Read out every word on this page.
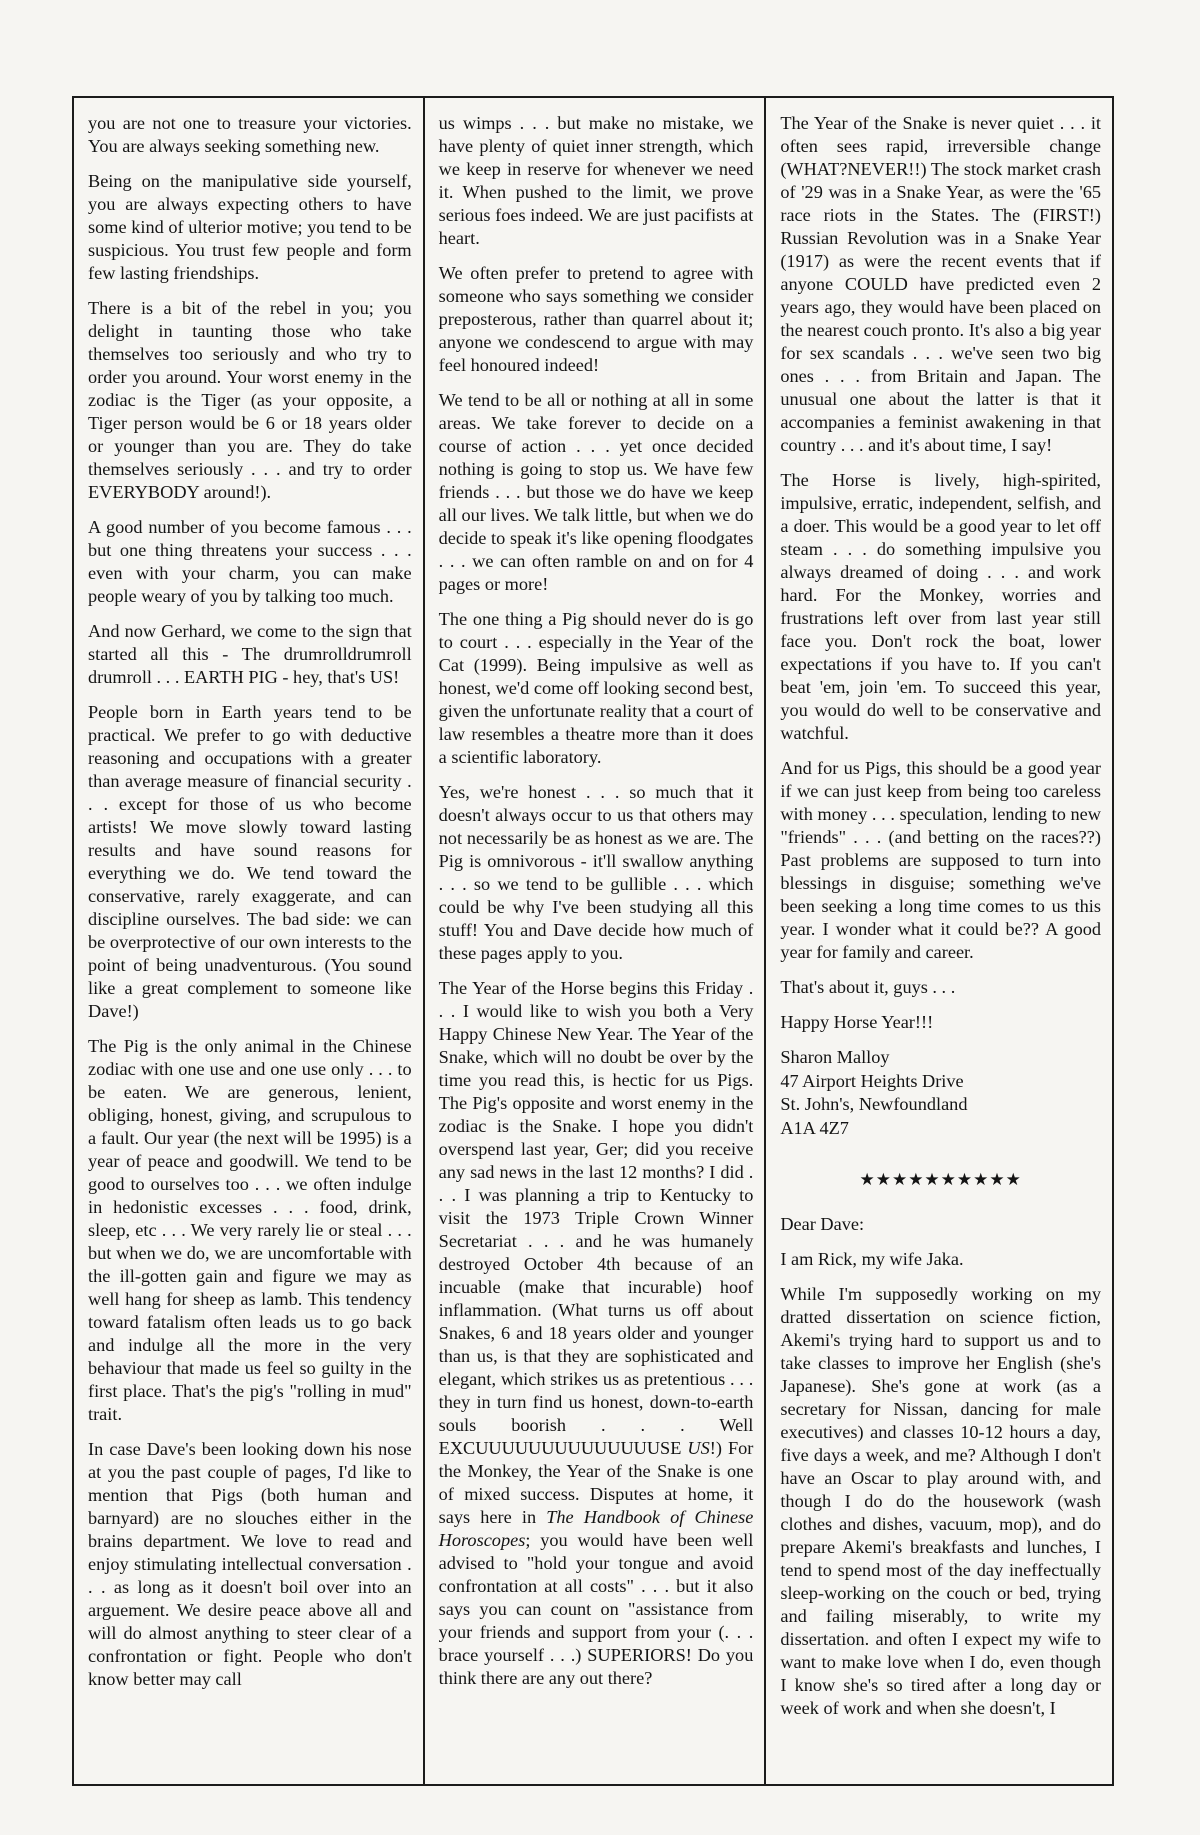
you are not one to treasure your victories. You are always seeking something new.

Being on the manipulative side yourself, you are always expecting others to have some kind of ulterior motive; you tend to be suspicious. You trust few people and form few lasting friendships.

There is a bit of the rebel in you; you delight in taunting those who take themselves too seriously and who try to order you around. Your worst enemy in the zodiac is the Tiger (as your opposite, a Tiger person would be 6 or 18 years older or younger than you are. They do take themselves seriously . . . and try to order EVERYBODY around!).

A good number of you become famous . . . but one thing threatens your success . . . even with your charm, you can make people weary of you by talking too much.

And now Gerhard, we come to the sign that started all this - The drumrolldrumroll drumroll . . . EARTH PIG - hey, that's US!

People born in Earth years tend to be practical. We prefer to go with deductive reasoning and occupations with a greater than average measure of financial security . . . except for those of us who become artists! We move slowly toward lasting results and have sound reasons for everything we do. We tend toward the conservative, rarely exaggerate, and can discipline ourselves. The bad side: we can be overprotective of our own interests to the point of being unadventurous. (You sound like a great complement to someone like Dave!)

The Pig is the only animal in the Chinese zodiac with one use and one use only . . . to be eaten. We are generous, lenient, obliging, honest, giving, and scrupulous to a fault. Our year (the next will be 1995) is a year of peace and goodwill. We tend to be good to ourselves too . . . we often indulge in hedonistic excesses . . . food, drink, sleep, etc . . . We very rarely lie or steal . . . but when we do, we are uncomfortable with the ill-gotten gain and figure we may as well hang for sheep as lamb. This tendency toward fatalism often leads us to go back and indulge all the more in the very behaviour that made us feel so guilty in the first place. That's the pig's "rolling in mud" trait.

In case Dave's been looking down his nose at you the past couple of pages, I'd like to mention that Pigs (both human and barnyard) are no slouches either in the brains department. We love to read and enjoy stimulating intellectual conversation . . . as long as it doesn't boil over into an arguement. We desire peace above all and will do almost anything to steer clear of a confrontation or fight. People who don't know better may call

us wimps . . . but make no mistake, we have plenty of quiet inner strength, which we keep in reserve for whenever we need it. When pushed to the limit, we prove serious foes indeed. We are just pacifists at heart.

We often prefer to pretend to agree with someone who says something we consider preposterous, rather than quarrel about it; anyone we condescend to argue with may feel honoured indeed!

We tend to be all or nothing at all in some areas. We take forever to decide on a course of action . . . yet once decided nothing is going to stop us. We have few friends . . . but those we do have we keep all our lives. We talk little, but when we do decide to speak it's like opening floodgates . . . we can often ramble on and on for 4 pages or more!

The one thing a Pig should never do is go to court . . . especially in the Year of the Cat (1999). Being impulsive as well as honest, we'd come off looking second best, given the unfortunate reality that a court of law resembles a theatre more than it does a scientific laboratory.

Yes, we're honest . . . so much that it doesn't always occur to us that others may not necessarily be as honest as we are. The Pig is omnivorous - it'll swallow anything . . . so we tend to be gullible . . . which could be why I've been studying all this stuff! You and Dave decide how much of these pages apply to you.

The Year of the Horse begins this Friday . . . I would like to wish you both a Very Happy Chinese New Year. The Year of the Snake, which will no doubt be over by the time you read this, is hectic for us Pigs. The Pig's opposite and worst enemy in the zodiac is the Snake. I hope you didn't overspend last year, Ger; did you receive any sad news in the last 12 months? I did . . . I was planning a trip to Kentucky to visit the 1973 Triple Crown Winner Secretariat . . . and he was humanely destroyed October 4th because of an incuable (make that incurable) hoof inflammation. (What turns us off about Snakes, 6 and 18 years older and younger than us, is that they are sophisticated and elegant, which strikes us as pretentious . . . they in turn find us honest, down-to-earth souls boorish . . . Well EXCUUUUUUUUUUUUUUSE US!) For the Monkey, the Year of the Snake is one of mixed success. Disputes at home, it says here in The Handbook of Chinese Horoscopes; you would have been well advised to "hold your tongue and avoid confrontation at all costs" . . . but it also says you can count on "assistance from your friends and support from your (. . . brace yourself . . .) SUPERIORS! Do you think there are any out there?

The Year of the Snake is never quiet . . . it often sees rapid, irreversible change (WHAT?NEVER!!) The stock market crash of '29 was in a Snake Year, as were the '65 race riots in the States. The (FIRST!) Russian Revolution was in a Snake Year (1917) as were the recent events that if anyone COULD have predicted even 2 years ago, they would have been placed on the nearest couch pronto. It's also a big year for sex scandals . . . we've seen two big ones . . . from Britain and Japan. The unusual one about the latter is that it accompanies a feminist awakening in that country . . . and it's about time, I say!

The Horse is lively, high-spirited, impulsive, erratic, independent, selfish, and a doer. This would be a good year to let off steam . . . do something impulsive you always dreamed of doing . . . and work hard. For the Monkey, worries and frustrations left over from last year still face you. Don't rock the boat, lower expectations if you have to. If you can't beat 'em, join 'em. To succeed this year, you would do well to be conservative and watchful.

And for us Pigs, this should be a good year if we can just keep from being too careless with money . . . speculation, lending to new "friends" . . . (and betting on the races??) Past problems are supposed to turn into blessings in disguise; something we've been seeking a long time comes to us this year. I wonder what it could be?? A good year for family and career.

That's about it, guys . . .

Happy Horse Year!!!

Sharon Malloy
47 Airport Heights Drive
St. John's, Newfoundland
A1A 4Z7
★★★★★★★★★★

Dear Dave:

I am Rick, my wife Jaka.

While I'm supposedly working on my dratted dissertation on science fiction, Akemi's trying hard to support us and to take classes to improve her English (she's Japanese). She's gone at work (as a secretary for Nissan, dancing for male executives) and classes 10-12 hours a day, five days a week, and me? Although I don't have an Oscar to play around with, and though I do do the housework (wash clothes and dishes, vacuum, mop), and do prepare Akemi's breakfasts and lunches, I tend to spend most of the day ineffectually sleep-working on the couch or bed, trying and failing miserably, to write my dissertation. and often I expect my wife to want to make love when I do, even though I know she's so tired after a long day or week of work and when she doesn't, I
